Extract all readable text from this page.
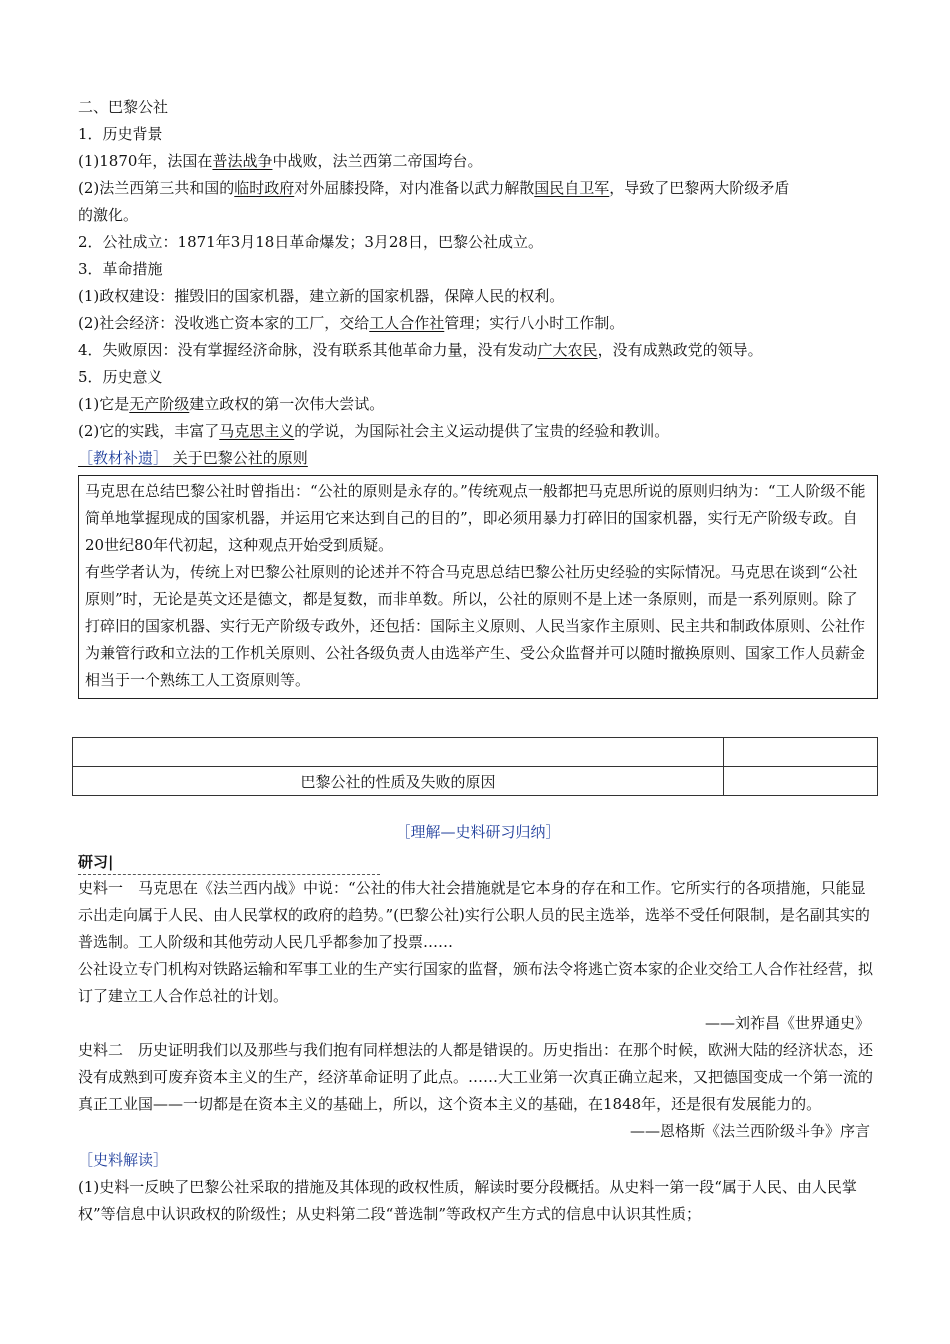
二、巴黎公社
1．历史背景
(1)1870年，法国在普法战争中战败，法兰西第二帝国垮台。
(2)法兰西第三共和国的临时政府对外屈膝投降，对内准备以武力解散国民自卫军，导致了巴黎两大阶级矛盾
的激化。
2．公社成立：1871年3月18日革命爆发；3月28日，巴黎公社成立。
3．革命措施
(1)政权建设：摧毁旧的国家机器，建立新的国家机器，保障人民的权利。
(2)社会经济：没收逃亡资本家的工厂，交给工人合作社管理；实行八小时工作制。
4．失败原因：没有掌握经济命脉，没有联系其他革命力量，没有发动广大农民，没有成熟政党的领导。
5．历史意义
(1)它是无产阶级建立政权的第一次伟大尝试。
(2)它的实践，丰富了马克思主义的学说，为国际社会主义运动提供了宝贵的经验和教训。
［教材补遗］ 关于巴黎公社的原则
马克思在总结巴黎公社时曾指出：“公社的原则是永存的。”传统观点一般都把马克思所说的原则归纳为：“工人阶级不能简单地掌握现成的国家机器，并运用它来达到自己的目的”，即必须用暴力打碎旧的国家机器，实行无产阶级专政。自20世纪80年代初起，这种观点开始受到质疑。
有些学者认为，传统上对巴黎公社原则的论述并不符合马克思总结巴黎公社历史经验的实际情况。马克思在谈到“公社原则”时，无论是英文还是德文，都是复数，而非单数。所以，公社的原则不是上述一条原则，而是一系列原则。除了打碎旧的国家机器、实行无产阶级专政外，还包括：国际主义原则、人民当家作主原则、民主共和制政体原则、公社作为兼管行政和立法的工作机关原则、公社各级负责人由选举产生、受公众监督并可以随时撤换原则、国家工作人员薪金相当于一个熟练工人工资原则等。

巴黎公社的性质及失败的原因	
［理解—史料研习归纳］
研习|
史料一　马克思在《法兰西内战》中说：“公社的伟大社会措施就是它本身的存在和工作。它所实行的各项措施，只能显示出走向属于人民、由人民掌权的政府的趋势。”(巴黎公社)实行公职人员的民主选举，选举不受任何限制，是名副其实的普选制。工人阶级和其他劳动人民几乎都参加了投票……
公社设立专门机构对铁路运输和军事工业的生产实行国家的监督，颁布法令将逃亡资本家的企业交给工人合作社经营，拟订了建立工人合作总社的计划。
——刘祚昌《世界通史》
史料二　历史证明我们以及那些与我们抱有同样想法的人都是错误的。历史指出：在那个时候，欧洲大陆的经济状态，还没有成熟到可废弃资本主义的生产，经济革命证明了此点。……大工业第一次真正确立起来，又把德国变成一个第一流的真正工业国——一切都是在资本主义的基础上，所以，这个资本主义的基础，在1848年，还是很有发展能力的。
——恩格斯《法兰西阶级斗争》序言
［史料解读］
(1)史料一反映了巴黎公社采取的措施及其体现的政权性质，解读时要分段概括。从史料一第一段“属于人民、由人民掌权”等信息中认识政权的阶级性；从史料第二段“普选制”等政权产生方式的信息中认识其性质；
